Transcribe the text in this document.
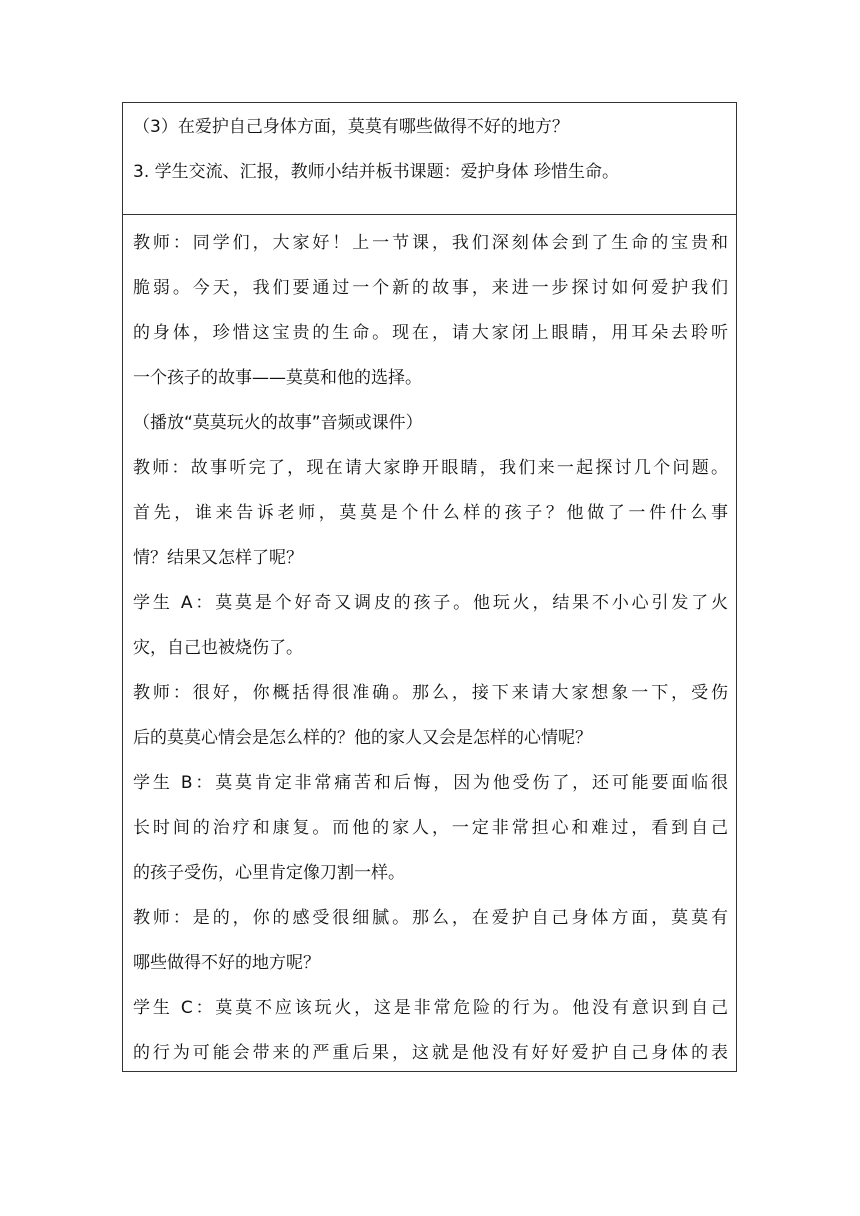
（3）在爱护自己身体方面，莫莫有哪些做得不好的地方？
3. 学生交流、汇报，教师小结并板书课题：爱护身体 珍惜生命。
教师：同学们，大家好！上一节课，我们深刻体会到了生命的宝贵和
脆弱。今天，我们要通过一个新的故事，来进一步探讨如何爱护我们
的身体，珍惜这宝贵的生命。现在，请大家闭上眼睛，用耳朵去聆听
一个孩子的故事——莫莫和他的选择。
（播放“莫莫玩火的故事”音频或课件）
教师：故事听完了，现在请大家睁开眼睛，我们来一起探讨几个问题。
首先，谁来告诉老师，莫莫是个什么样的孩子？他做了一件什么事
情？结果又怎样了呢？
学生 A：莫莫是个好奇又调皮的孩子。他玩火，结果不小心引发了火
灾，自己也被烧伤了。
教师：很好，你概括得很准确。那么，接下来请大家想象一下，受伤
后的莫莫心情会是怎么样的？他的家人又会是怎样的心情呢？
学生 B：莫莫肯定非常痛苦和后悔，因为他受伤了，还可能要面临很
长时间的治疗和康复。而他的家人，一定非常担心和难过，看到自己
的孩子受伤，心里肯定像刀割一样。
教师：是的，你的感受很细腻。那么，在爱护自己身体方面，莫莫有
哪些做得不好的地方呢？
学生 C：莫莫不应该玩火，这是非常危险的行为。他没有意识到自己
的行为可能会带来的严重后果，这就是他没有好好爱护自己身体的表
